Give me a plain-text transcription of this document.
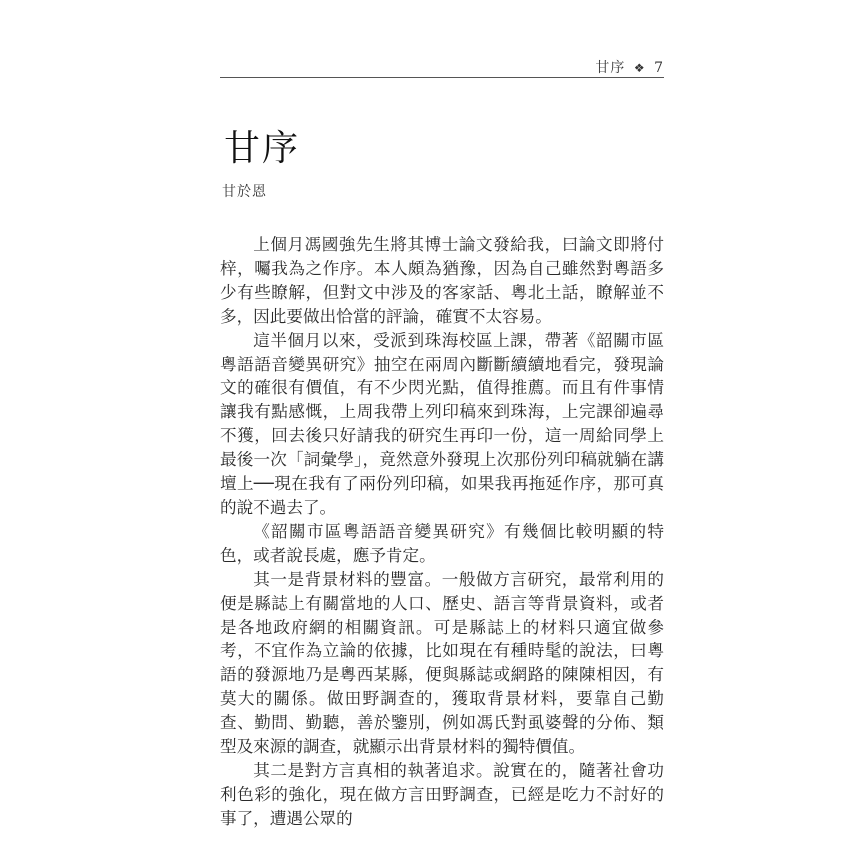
甘序 ❖ 7
甘序
甘於恩

上個月馮國強先生將其博士論文發給我，曰論文即將付梓，囑我為之作序。本人頗為猶豫，因為自己雖然對粵語多少有些瞭解，但對文中涉及的客家話、粵北土話，瞭解並不多，因此要做出恰當的評論，確實不太容易。

這半個月以來，受派到珠海校區上課，帶著《韶關市區粵語語音變異研究》抽空在兩周內斷斷續續地看完，發現論文的確很有價值，有不少閃光點，值得推薦。而且有件事情讓我有點感慨，上周我帶上列印稿來到珠海，上完課卻遍尋不獲，回去後只好請我的研究生再印一份，這一周給同學上最後一次「詞彙學」，竟然意外發現上次那份列印稿就躺在講壇上──現在我有了兩份列印稿，如果我再拖延作序，那可真的說不過去了。

《韶關市區粵語語音變異研究》有幾個比較明顯的特色，或者說長處，應予肯定。

其一是背景材料的豐富。一般做方言研究，最常利用的便是縣誌上有關當地的人口、歷史、語言等背景資料，或者是各地政府網的相關資訊。可是縣誌上的材料只適宜做參考，不宜作為立論的依據，比如現在有種時髦的說法，曰粵語的發源地乃是粵西某縣，便與縣誌或網路的陳陳相因，有莫大的關係。做田野調查的，獲取背景材料，要靠自己勤查、勤問、勤聽，善於鑒別，例如馮氏對虱婆聲的分佈、類型及來源的調查，就顯示出背景材料的獨特價值。

其二是對方言真相的執著追求。說實在的，隨著社會功利色彩的強化，現在做方言田野調查，已經是吃力不討好的事了，遭遇公眾的
